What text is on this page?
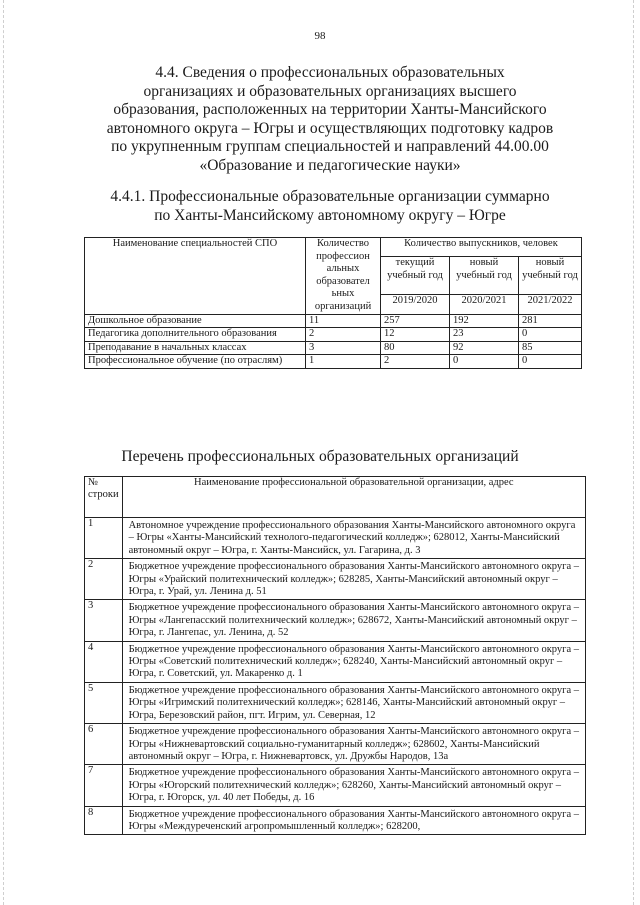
98
4.4. Сведения о профессиональных образовательных
организациях и образовательных организациях высшего
образования, расположенных на территории Ханты-Мансийского
автономного округа – Югры и осуществляющих подготовку кадров
по укрупненным группам специальностей и направлений 44.00.00
«Образование и педагогические науки»
4.4.1. Профессиональные образовательные организации суммарно
по Ханты-Мансийскому автономному округу – Югре
Наименование специальностей СПО	Количество профессион альных образовател ьных организаций	Количество выпускников, человек		
		текущий учебный год	новый учебный год	новый учебный год
		2019/2020	2020/2021	2021/2022
Дошкольное образование	11	257	192	281
Педагогика дополнительного образования	2	12	23	0
Преподавание в начальных классах	3	80	92	85
Профессиональное обучение (по отраслям)	1	2	0	0
Перечень профессиональных образовательных организаций
№ строки	Наименование профессиональной образовательной организации, адрес
1	Автономное учреждение профессионального образования Ханты-Мансийского автономного округа – Югры «Ханты-Мансийский технолого-педагогический колледж»; 628012, Ханты-Мансийский автономный округ – Югра, г. Ханты-Мансийск, ул. Гагарина, д. 3
2	Бюджетное учреждение профессионального образования Ханты-Мансийского автономного округа – Югры «Урайский политехнический колледж»; 628285, Ханты-Мансийский автономный округ – Югра, г. Урай, ул. Ленина д. 51
3	Бюджетное учреждение профессионального образования Ханты-Мансийского автономного округа – Югры «Лангепасский политехнический колледж»; 628672, Ханты-Мансийский автономный округ – Югра, г. Лангепас, ул. Ленина, д. 52
4	Бюджетное учреждение профессионального образования Ханты-Мансийского автономного округа – Югры «Советский политехнический колледж»; 628240, Ханты-Мансийский автономный округ – Югра, г. Советский, ул. Макаренко д. 1
5	Бюджетное учреждение профессионального образования Ханты-Мансийского автономного округа – Югры «Игримский политехнический колледж»; 628146, Ханты-Мансийский автономный округ – Югра, Березовский район, пгт. Игрим, ул. Северная, 12
6	Бюджетное учреждение профессионального образования Ханты-Мансийского автономного округа – Югры «Нижневартовский социально-гуманитарный колледж»; 628602, Ханты-Мансийский автономный округ – Югра, г. Нижневартовск, ул. Дружбы Народов, 13а
7	Бюджетное учреждение профессионального образования Ханты-Мансийского автономного округа – Югры «Югорский политехнический колледж»; 628260, Ханты-Мансийский автономный округ – Югра, г. Югорск, ул. 40 лет Победы, д. 16
8	Бюджетное учреждение профессионального образования Ханты-Мансийского автономного округа – Югры «Междуреченский агропромышленный колледж»; 628200,
